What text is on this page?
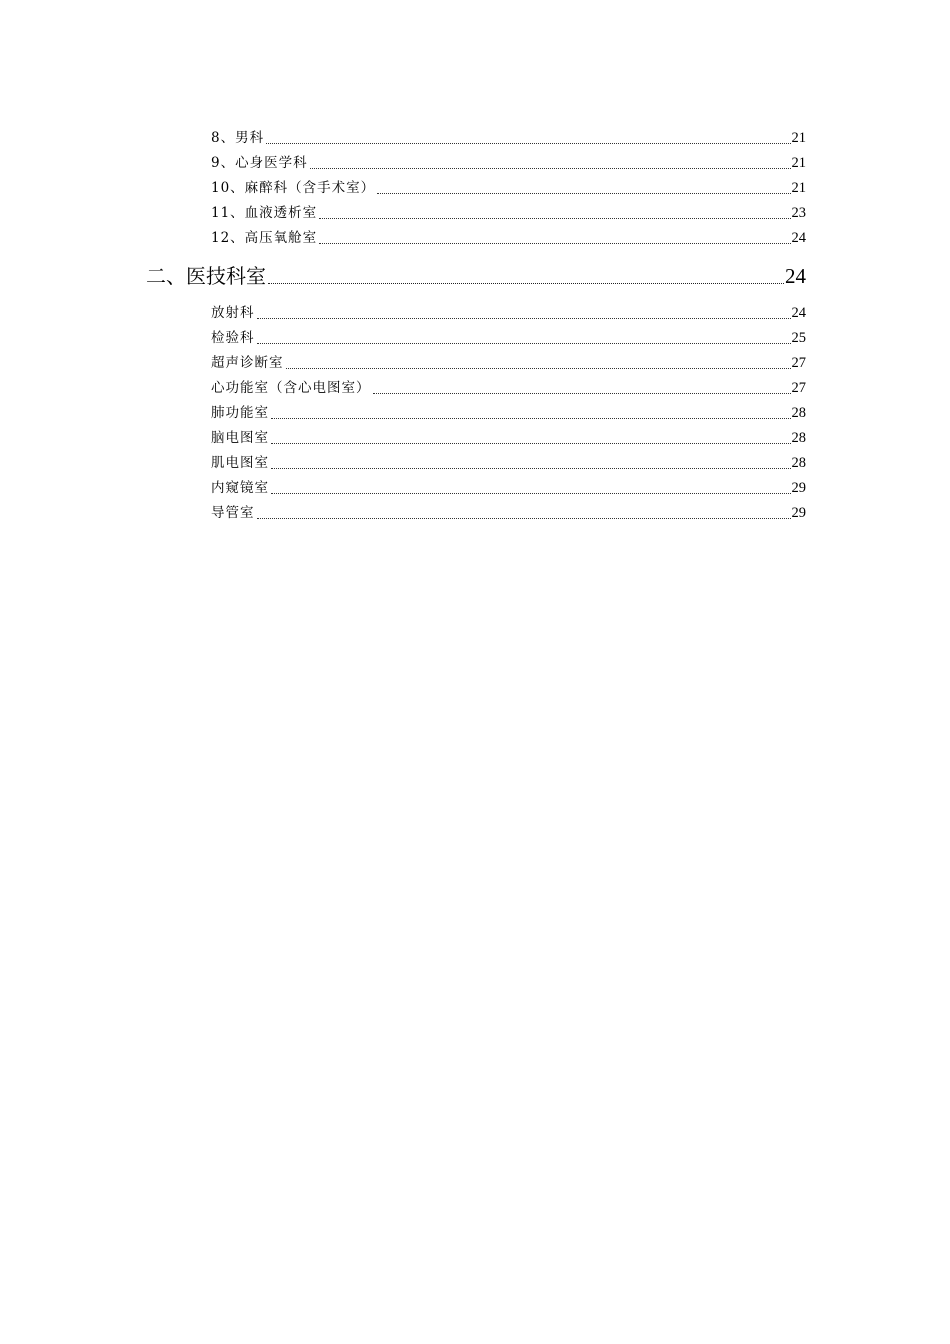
8、男科	21
9、心身医学科	21
10、麻醉科（含手术室）	21
11、血液透析室	23
12、高压氧舱室	24
二、医技科室	24
放射科	24
检验科	25
超声诊断室	27
心功能室（含心电图室）	27
肺功能室	28
脑电图室	28
肌电图室	28
内窥镜室	29
导管室	29
